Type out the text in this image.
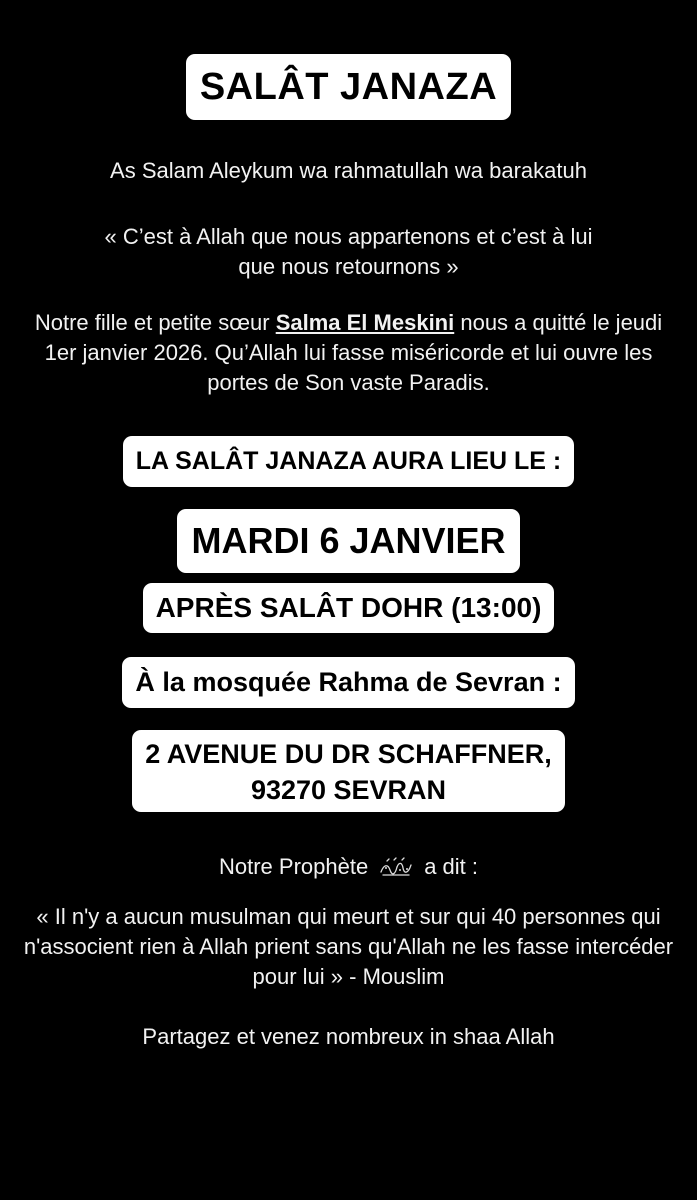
SALÂT JANAZA

As Salam Aleykum wa rahmatullah wa barakatuh

« C’est à Allah que nous appartenons et c’est à lui
que nous retournons »

Notre fille et petite sœur Salma El Meskini nous a quitté le jeudi 1er janvier 2026. Qu’Allah lui fasse miséricorde et lui ouvre les portes de Son vaste Paradis.

LA SALÂT JANAZA AURA LIEU LE :
MARDI 6 JANVIER
APRÈS SALÂT DOHR (13:00)
À la mosquée Rahma de Sevran :
2 AVENUE DU DR SCHAFFNER,
93270 SEVRAN

Notre Prophète	a dit :

« Il n'y a aucun musulman qui meurt et sur qui 40 personnes qui n'associent rien à Allah prient sans qu'Allah ne les fasse intercéder pour lui » - Mouslim

Partagez et venez nombreux in shaa Allah
